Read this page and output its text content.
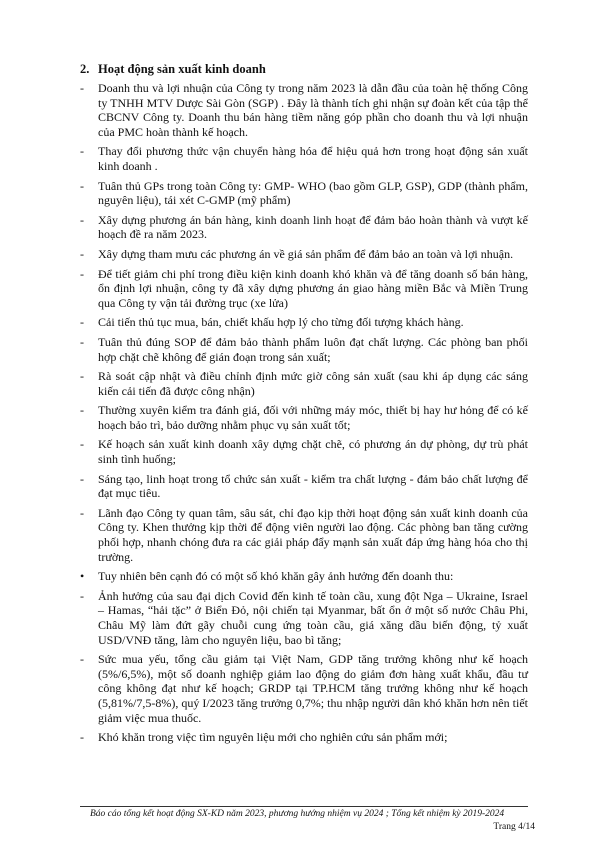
2. Hoạt động sản xuất kinh doanh
-	Doanh thu và lợi nhuận của Công ty trong năm 2023 là dẫn đầu của toàn hệ thống Công ty TNHH MTV Dược Sài Gòn (SGP) . Đây là thành tích ghi nhận sự đoàn kết của tập thể CBCNV Công ty. Doanh thu bán hàng tiềm năng góp phần cho doanh thu và lợi nhuận của PMC hoàn thành kế hoạch.
-	Thay đổi phương thức vận chuyển hàng hóa để hiệu quả hơn trong hoạt động sản xuất kinh doanh .
-	Tuân thủ GPs trong toàn Công ty: GMP- WHO (bao gồm GLP, GSP), GDP (thành phẩm, nguyên liệu), tái xét C-GMP (mỹ phẩm)
-	Xây dựng phương án bán hàng, kinh doanh linh hoạt để đảm bảo hoàn thành và vượt kế hoạch đề ra năm 2023.
-	Xây dựng tham mưu các phương án về giá sản phẩm để đảm bảo an toàn và lợi nhuận.
-	Để tiết giảm chi phí trong điều kiện kinh doanh khó khăn và để tăng doanh số bán hàng, ổn định lợi nhuận, công ty đã xây dựng phương án giao hàng miền Bắc và Miền Trung qua Công ty vận tải đường trục (xe lửa)
-	Cải tiến thủ tục mua, bán, chiết khấu hợp lý cho từng đối tượng khách hàng.
-	Tuân thủ đúng SOP để đảm bảo thành phẩm luôn đạt chất lượng. Các phòng ban phối hợp chặt chẽ không để gián đoạn trong sản xuất;
-	Rà soát cập nhật và điều chỉnh định mức giờ công sản xuất (sau khi áp dụng các sáng kiến cải tiến đã được công nhận)
-	Thường xuyên kiểm tra đánh giá, đối với những máy móc, thiết bị hay hư hỏng để có kế hoạch bảo trì, bảo dưỡng nhằm phục vụ sản xuất tốt;
-	Kế hoạch sản xuất kinh doanh xây dựng chặt chẽ, có phương án dự phòng, dự trù phát sinh tình huống;
-	Sáng tạo, linh hoạt trong tổ chức sản xuất - kiểm tra chất lượng - đảm bảo chất lượng để đạt mục tiêu.
-	Lãnh đạo Công ty quan tâm, sâu sát, chỉ đạo kịp thời hoạt động sản xuất kinh doanh của Công ty. Khen thưởng kịp thời để động viên người lao động. Các phòng ban tăng cường phối hợp, nhanh chóng đưa ra các giải pháp đẩy mạnh sản xuất đáp ứng hàng hóa cho thị trường.
•	Tuy nhiên bên cạnh đó có một số khó khăn gây ảnh hưởng đến doanh thu:
-	Ảnh hưởng của sau đại dịch Covid đến kinh tế toàn cầu, xung đột Nga – Ukraine, Israel – Hamas, “hải tặc” ở Biển Đỏ, nội chiến tại Myanmar, bất ổn ở một số nước Châu Phi, Châu Mỹ làm đứt gãy chuỗi cung ứng toàn cầu, giá xăng dầu biến động, tỷ xuất USD/VNĐ tăng, làm cho nguyên liệu, bao bì tăng;
-	Sức mua yếu, tổng cầu giảm tại Việt Nam, GDP tăng trưởng không như kế hoạch (5%/6,5%), một số doanh nghiệp giảm lao động do giảm đơn hàng xuất khẩu, đầu tư công không đạt như kế hoạch; GRDP tại TP.HCM tăng trưởng không như kế hoạch (5,81%/7,5-8%), quý I/2023 tăng trưởng 0,7%; thu nhập người dân khó khăn hơn nên tiết giảm việc mua thuốc.
-	Khó khăn trong việc tìm nguyên liệu mới cho nghiên cứu sản phẩm mới;
Báo cáo tổng kết hoạt động SX-KD năm 2023, phương hướng nhiệm vụ 2024 ; Tổng kết nhiệm kỳ 2019-2024
Trang 4/14
